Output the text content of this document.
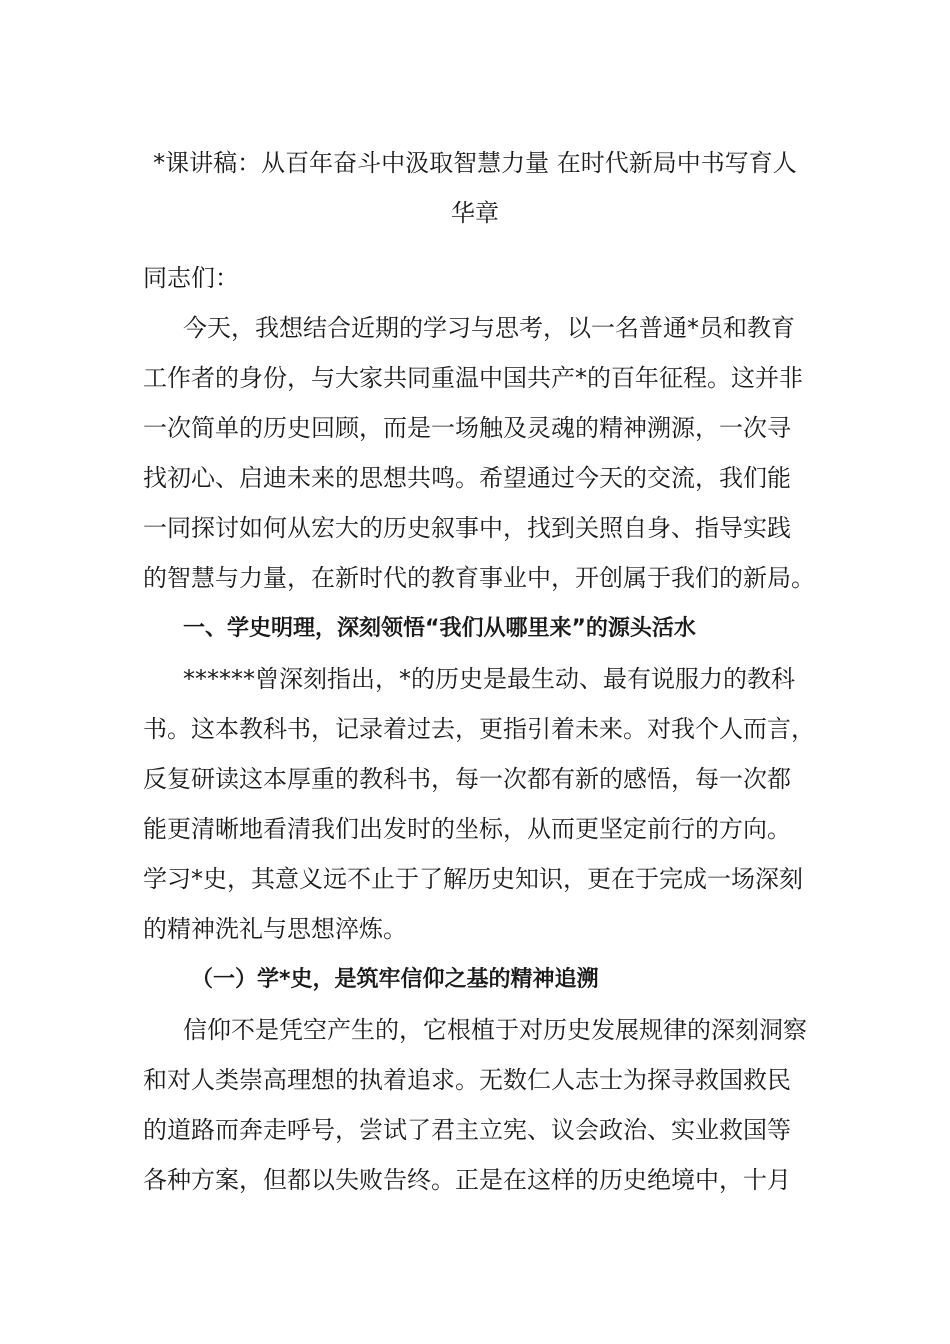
*课讲稿：从百年奋斗中汲取智慧力量 在时代新局中书写育人
华章
同志们：
今天，我想结合近期的学习与思考，以一名普通*员和教育
工作者的身份，与大家共同重温中国共产*的百年征程。这并非
一次简单的历史回顾，而是一场触及灵魂的精神溯源，一次寻
找初心、启迪未来的思想共鸣。希望通过今天的交流，我们能
一同探讨如何从宏大的历史叙事中，找到关照自身、指导实践
的智慧与力量，在新时代的教育事业中，开创属于我们的新局。
一、学史明理，深刻领悟“我们从哪里来”的源头活水
******曾深刻指出，*的历史是最生动、最有说服力的教科
书。这本教科书，记录着过去，更指引着未来。对我个人而言，
反复研读这本厚重的教科书，每一次都有新的感悟，每一次都
能更清晰地看清我们出发时的坐标，从而更坚定前行的方向。
学习*史，其意义远不止于了解历史知识，更在于完成一场深刻
的精神洗礼与思想淬炼。
（一）学*史，是筑牢信仰之基的精神追溯
信仰不是凭空产生的，它根植于对历史发展规律的深刻洞察
和对人类崇高理想的执着追求。无数仁人志士为探寻救国救民
的道路而奔走呼号，尝试了君主立宪、议会政治、实业救国等
各种方案，但都以失败告终。正是在这样的历史绝境中，十月
